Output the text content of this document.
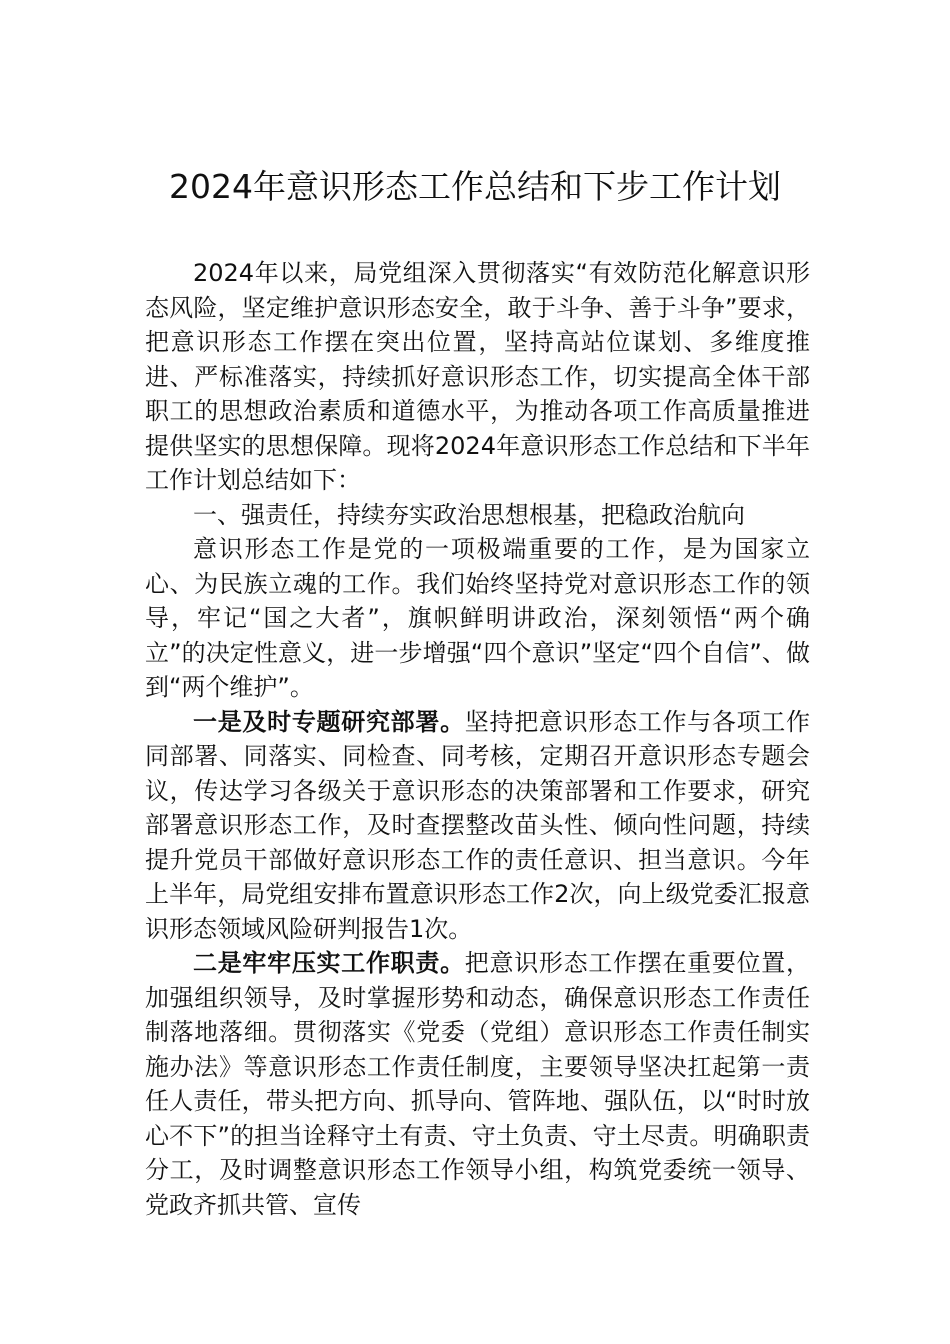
2024年意识形态工作总结和下步工作计划

2024年以来，局党组深入贯彻落实“有效防范化解意识形态风险，坚定维护意识形态安全，敢于斗争、善于斗争”要求，把意识形态工作摆在突出位置，坚持高站位谋划、多维度推进、严标准落实，持续抓好意识形态工作，切实提高全体干部职工的思想政治素质和道德水平，为推动各项工作高质量推进提供坚实的思想保障。现将2024年意识形态工作总结和下半年工作计划总结如下：

一、强责任，持续夯实政治思想根基，把稳政治航向

意识形态工作是党的一项极端重要的工作，是为国家立心、为民族立魂的工作。我们始终坚持党对意识形态工作的领导，牢记“国之大者”，旗帜鲜明讲政治，深刻领悟“两个确立”的决定性意义，进一步增强“四个意识”坚定“四个自信”、做到“两个维护”。

一是及时专题研究部署。坚持把意识形态工作与各项工作同部署、同落实、同检查、同考核，定期召开意识形态专题会议，传达学习各级关于意识形态的决策部署和工作要求，研究部署意识形态工作，及时查摆整改苗头性、倾向性问题，持续提升党员干部做好意识形态工作的责任意识、担当意识。今年上半年，局党组安排布置意识形态工作2次，向上级党委汇报意识形态领域风险研判报告1次。

二是牢牢压实工作职责。把意识形态工作摆在重要位置，加强组织领导，及时掌握形势和动态，确保意识形态工作责任制落地落细。贯彻落实《党委（党组）意识形态工作责任制实施办法》等意识形态工作责任制度，主要领导坚决扛起第一责任人责任，带头把方向、抓导向、管阵地、强队伍，以“时时放心不下”的担当诠释守土有责、守土负责、守土尽责。明确职责分工，及时调整意识形态工作领导小组，构筑党委统一领导、党政齐抓共管、宣传
